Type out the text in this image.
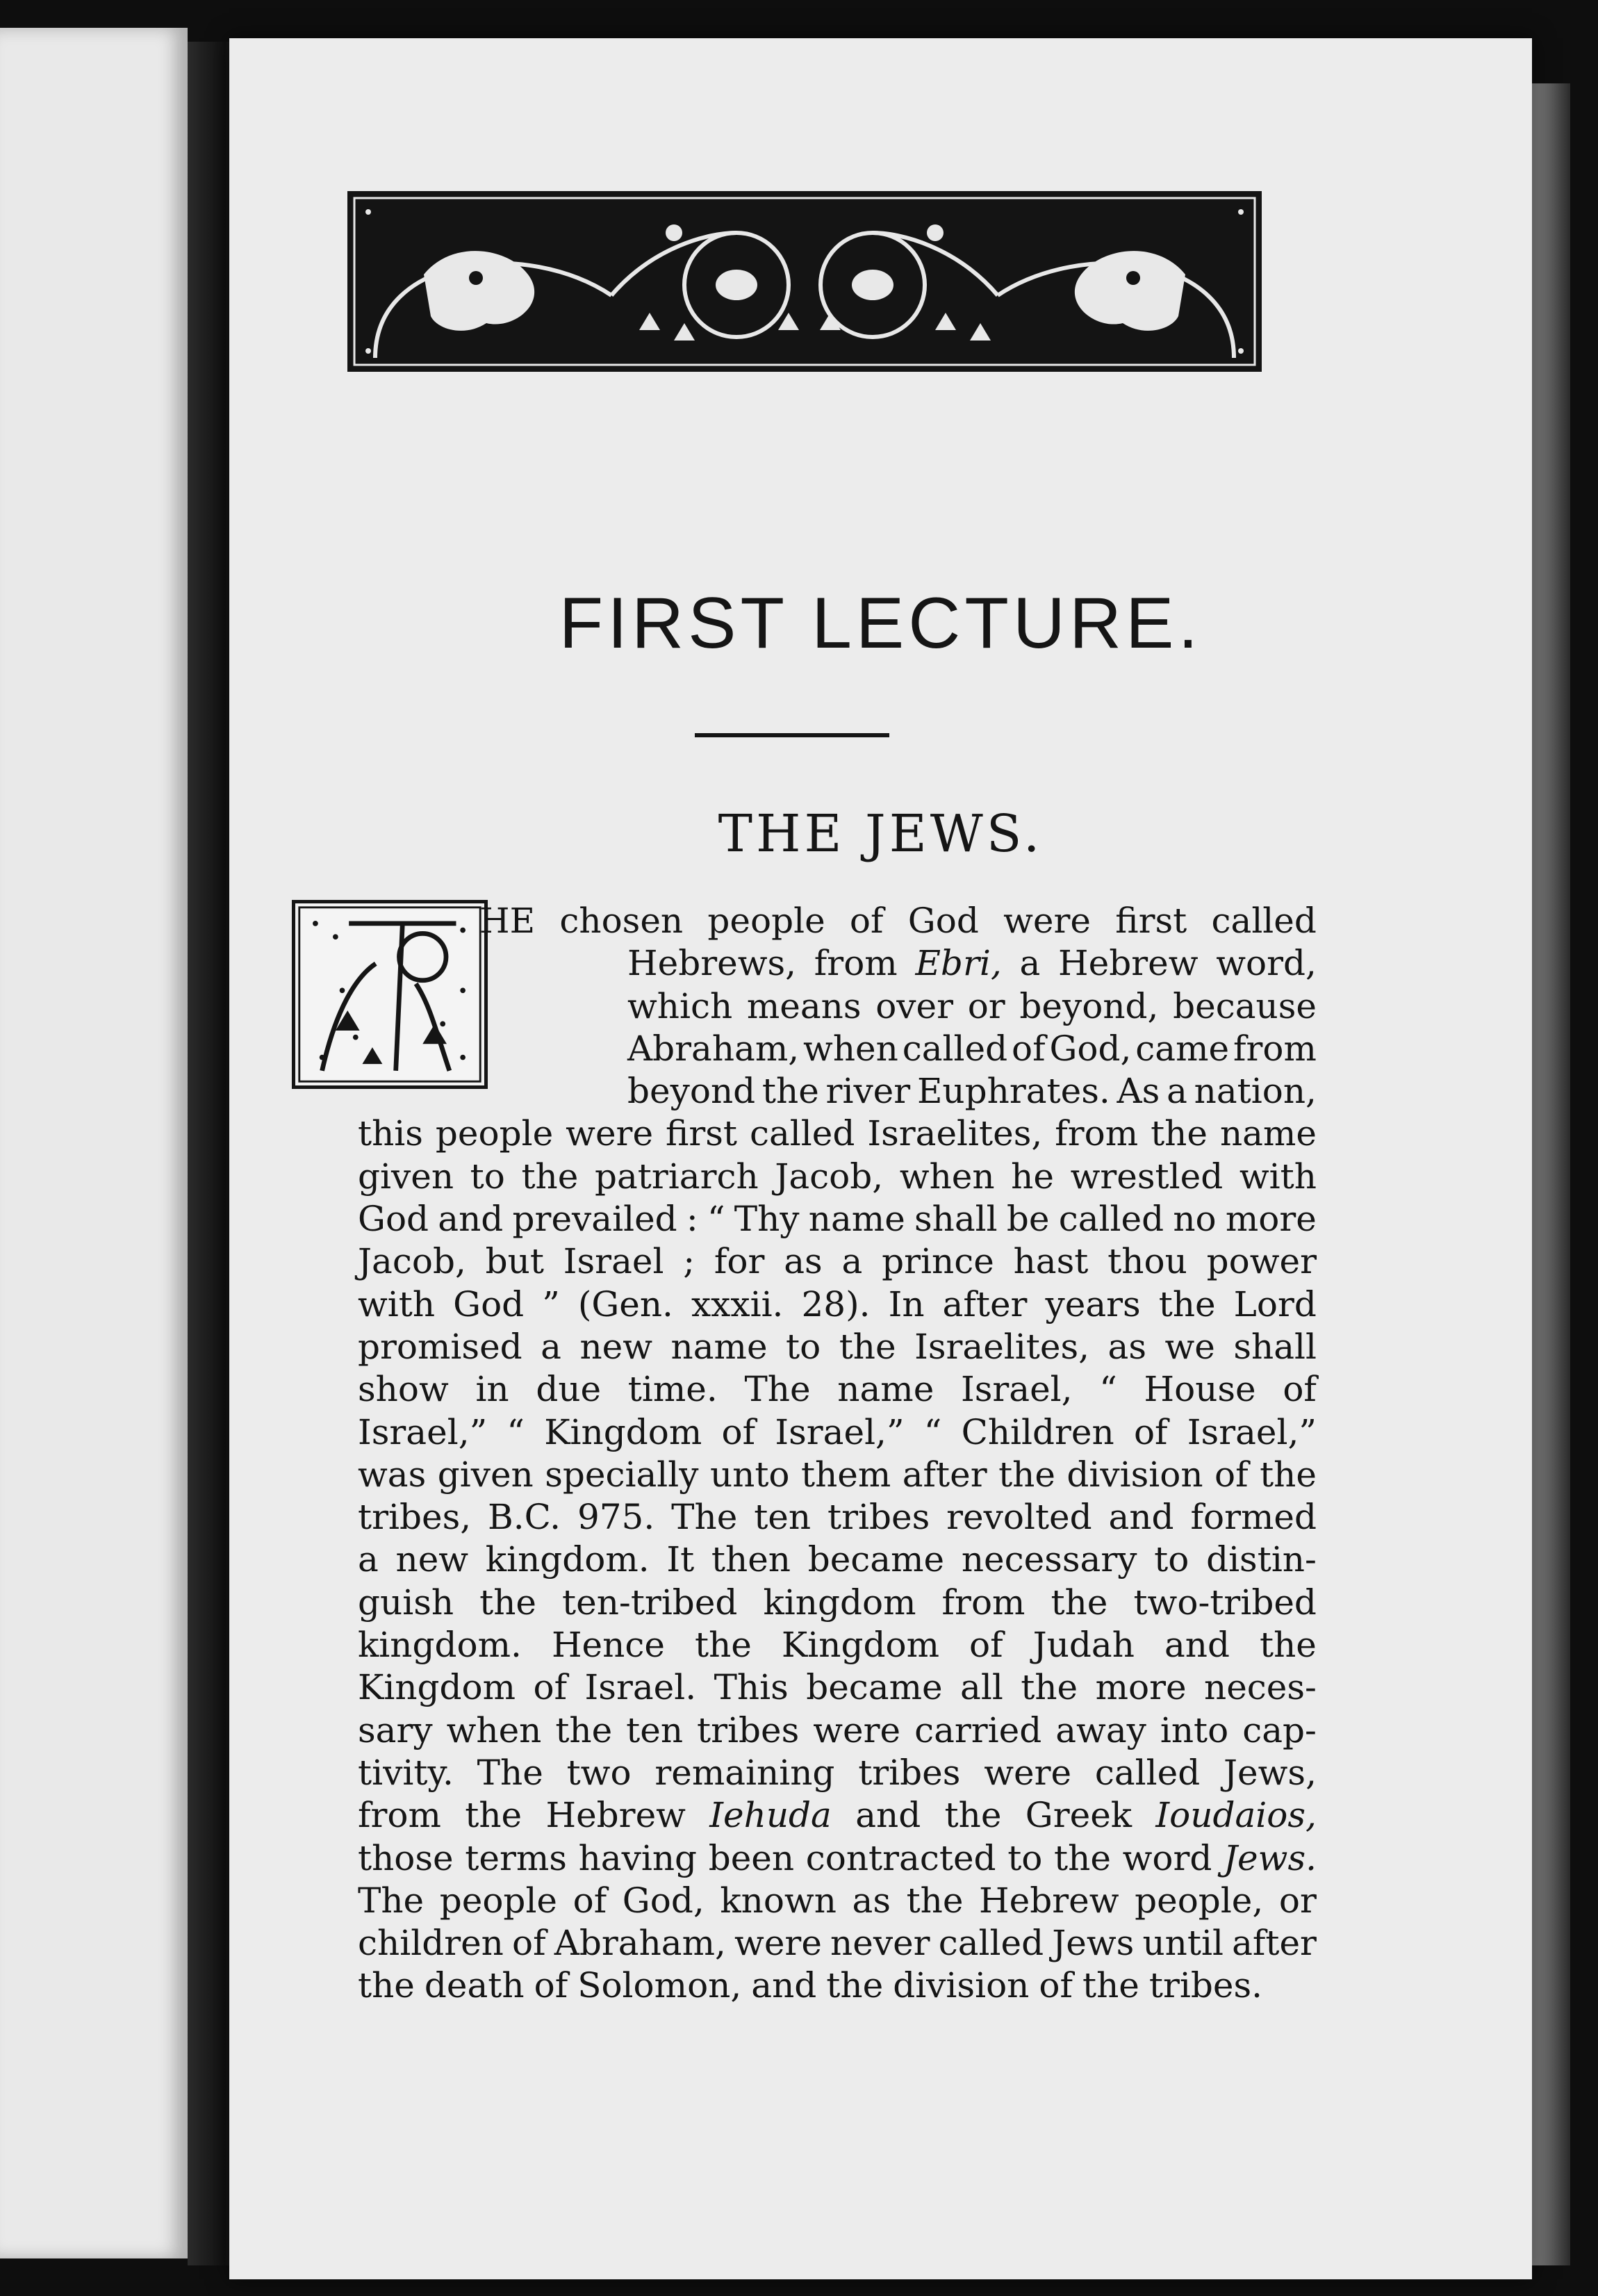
FIRST LECTURE.
THE JEWS.
HE chosen people of God were first called
Hebrews, from Ebri, a Hebrew word,
which means over or beyond, because
Abraham, when called of God, came from
beyond the river Euphrates. As a nation,
this people were first called Israelites, from the name
given to the patriarch Jacob, when he wrestled with
God and prevailed : “ Thy name shall be called no more
Jacob, but Israel ; for as a prince hast thou power
with God ” (Gen. xxxii. 28). In after years the Lord
promised a new name to the Israelites, as we shall
show in due time. The name Israel, “ House of
Israel,” “ Kingdom of Israel,” “ Children of Israel,”
was given specially unto them after the division of the
tribes, B.C. 975. The ten tribes revolted and formed
a new kingdom. It then became necessary to distin-
guish the ten-tribed kingdom from the two-tribed
kingdom. Hence the Kingdom of Judah and the
Kingdom of Israel. This became all the more neces-
sary when the ten tribes were carried away into cap-
tivity. The two remaining tribes were called Jews,
from the Hebrew Iehuda and the Greek Ioudaios,
those terms having been contracted to the word Jews.
The people of God, known as the Hebrew people, or
children of Abraham, were never called Jews until after
the death of Solomon, and the division of the tribes.
